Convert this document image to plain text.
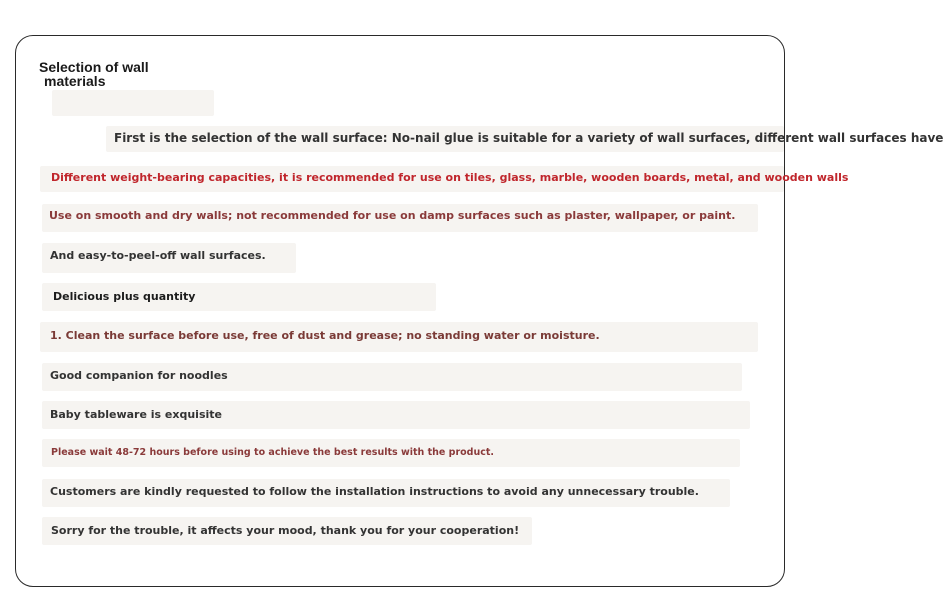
Selection of wall
materials
First is the selection of the wall surface: No-nail glue is suitable for a variety of wall surfaces, different wall surfaces have
Different weight-bearing capacities, it is recommended for use on tiles, glass, marble, wooden boards, metal, and wooden walls
Use on smooth and dry walls; not recommended for use on damp surfaces such as plaster, wallpaper, or paint.
And easy-to-peel-off wall surfaces.
Delicious plus quantity
1. Clean the surface before use, free of dust and grease; no standing water or moisture.
Good companion for noodles
Baby tableware is exquisite
Please wait 48-72 hours before using to achieve the best results with the product.
Customers are kindly requested to follow the installation instructions to avoid any unnecessary trouble.
Sorry for the trouble, it affects your mood, thank you for your cooperation!
